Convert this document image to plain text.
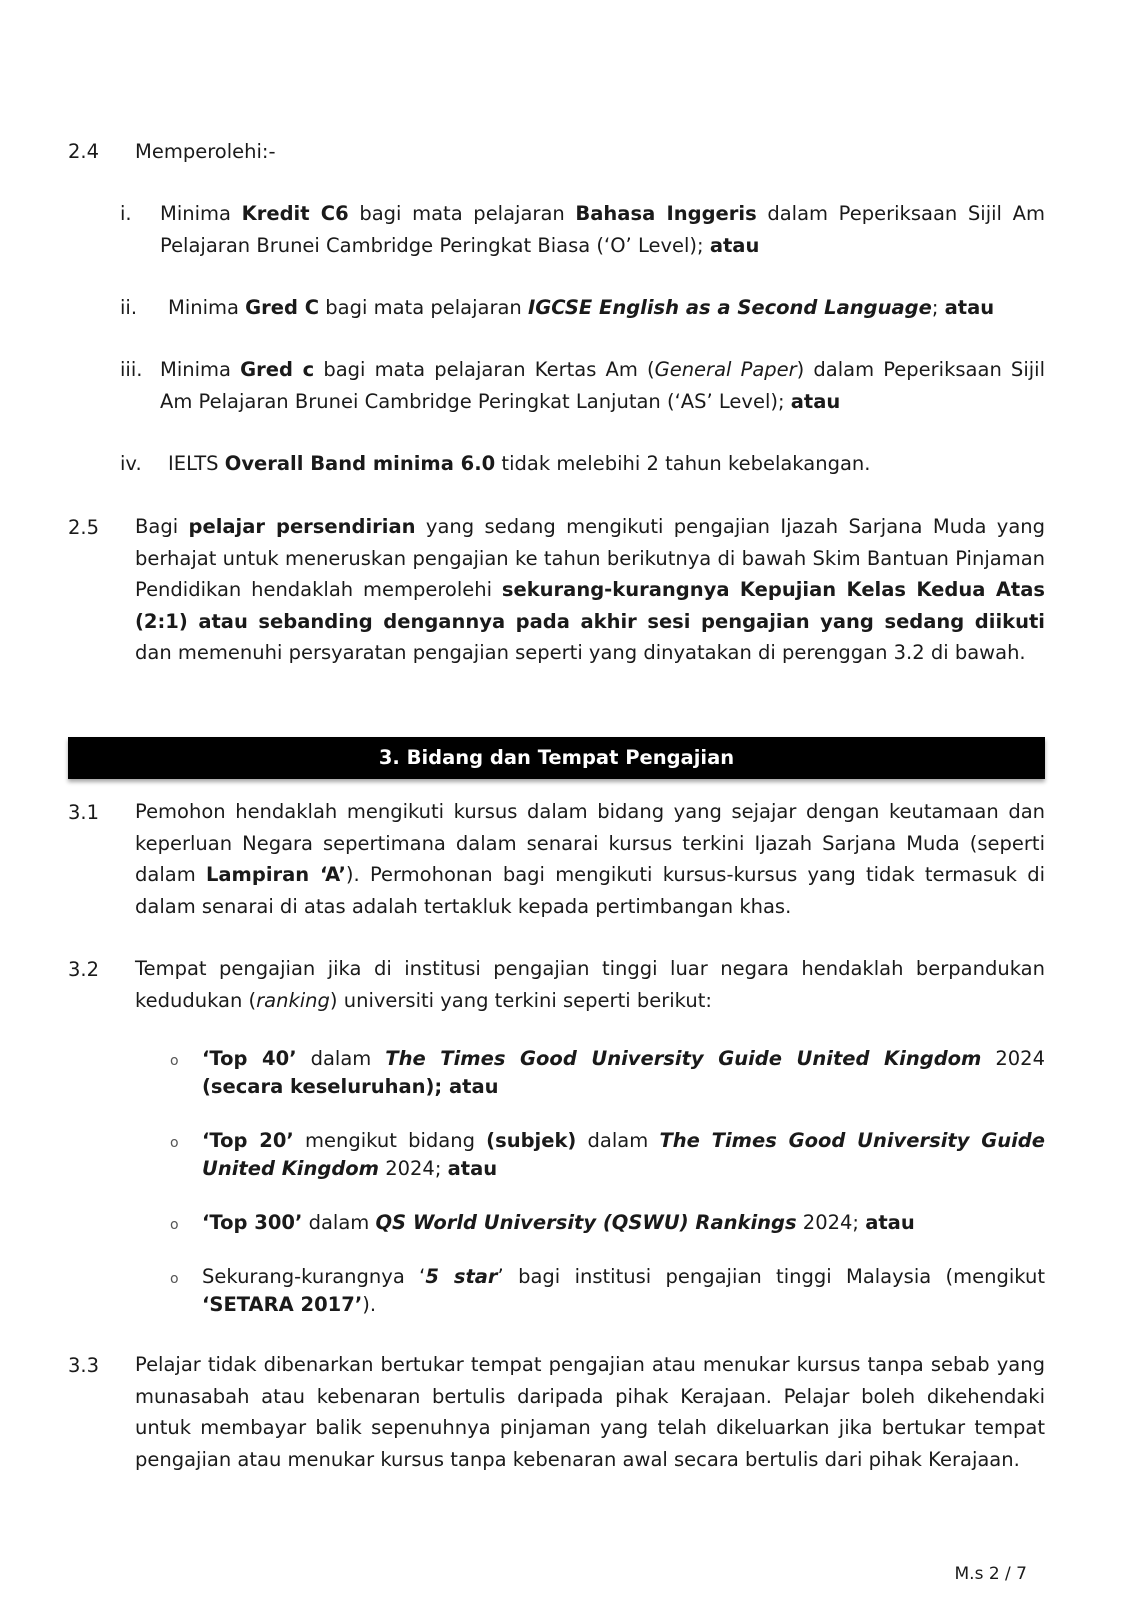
2.4 Memperolehi:-
i. Minima Kredit C6 bagi mata pelajaran Bahasa Inggeris dalam Peperiksaan Sijil Am Pelajaran Brunei Cambridge Peringkat Biasa (‘O’ Level); atau
ii. Minima Gred C bagi mata pelajaran IGCSE English as a Second Language; atau
iii. Minima Gred c bagi mata pelajaran Kertas Am (General Paper) dalam Peperiksaan Sijil Am Pelajaran Brunei Cambridge Peringkat Lanjutan (‘AS’ Level); atau
iv. IELTS Overall Band minima 6.0 tidak melebihi 2 tahun kebelakangan.
2.5 Bagi pelajar persendirian yang sedang mengikuti pengajian Ijazah Sarjana Muda yang berhajat untuk meneruskan pengajian ke tahun berikutnya di bawah Skim Bantuan Pinjaman Pendidikan hendaklah memperolehi sekurang-kurangnya Kepujian Kelas Kedua Atas (2:1) atau sebanding dengannya pada akhir sesi pengajian yang sedang diikuti dan memenuhi persyaratan pengajian seperti yang dinyatakan di perenggan 3.2 di bawah.
3. Bidang dan Tempat Pengajian
3.1 Pemohon hendaklah mengikuti kursus dalam bidang yang sejajar dengan keutamaan dan keperluan Negara sepertimana dalam senarai kursus terkini Ijazah Sarjana Muda (seperti dalam Lampiran ‘A’). Permohonan bagi mengikuti kursus-kursus yang tidak termasuk di dalam senarai di atas adalah tertakluk kepada pertimbangan khas.
3.2 Tempat pengajian jika di institusi pengajian tinggi luar negara hendaklah berpandukan kedudukan (ranking) universiti yang terkini seperti berikut:
o ‘Top 40’ dalam The Times Good University Guide United Kingdom 2024 (secara keseluruhan); atau
o ‘Top 20’ mengikut bidang (subjek) dalam The Times Good University Guide United Kingdom 2024; atau
o ‘Top 300’ dalam QS World University (QSWU) Rankings 2024; atau
o Sekurang-kurangnya ‘5 star’ bagi institusi pengajian tinggi Malaysia (mengikut ‘SETARA 2017’).
3.3 Pelajar tidak dibenarkan bertukar tempat pengajian atau menukar kursus tanpa sebab yang munasabah atau kebenaran bertulis daripada pihak Kerajaan. Pelajar boleh dikehendaki untuk membayar balik sepenuhnya pinjaman yang telah dikeluarkan jika bertukar tempat pengajian atau menukar kursus tanpa kebenaran awal secara bertulis dari pihak Kerajaan.
M.s 2 / 7
